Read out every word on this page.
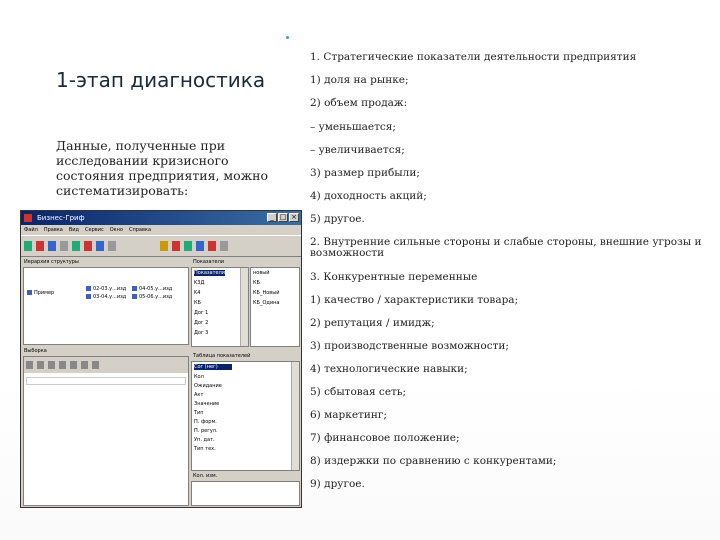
1-этап диагностика
Данные, полученные при исследовании кризисного состояния предприятия, можно систематизировать:
Бизнес-Гриф	_ □ ×
Файл Правка Вид Сервис Окно Справка
Иерархия структуры
Пример
02-03.у...изд
03-04.у...изд
04-05.у...изд
05-06.у...изд
Показатели
Показатели
K3Д
K4
КБ
Дог 1
Дог 2
Дог 3
новый
КБ
КБ_Новый
КБ_Одина
Выборка
Таблица показателей
Сог (нег)
Кол
Ожидание
Акт
Значение
Тип
П. форм.
П. регул.
Уп. дат.
Тип тех.
Кол. изм.
1. Стратегические показатели деятельности предприятия
1) доля на рынке;
2) объем продаж:
– уменьшается;
– увеличивается;
3) размер прибыли;
4) доходность акций;
5) другое.
2. Внутренние сильные стороны и слабые стороны, внешние угрозы и возможности
3. Конкурентные переменные
1) качество / характеристики товара;
2) репутация / имидж;
3) производственные возможности;
4) технологические навыки;
5) сбытовая сеть;
6) маркетинг;
7) финансовое положение;
8) издержки по сравнению с конкурентами;
9) другое.
